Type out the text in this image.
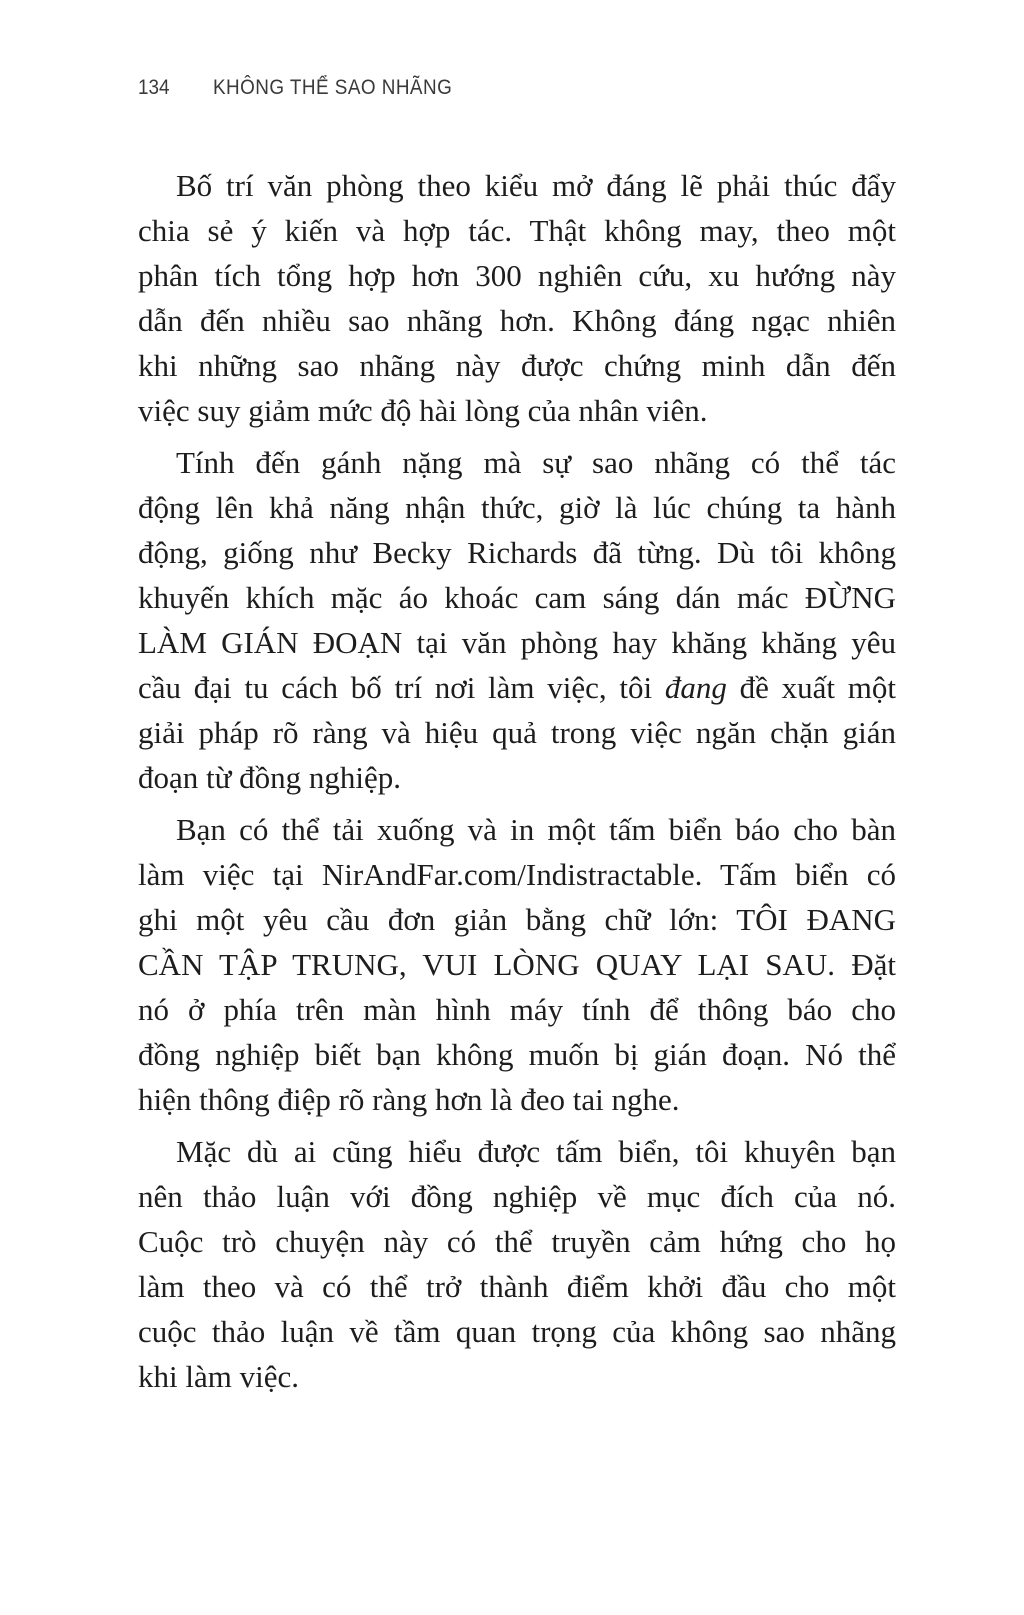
134 KHÔNG THỂ SAO NHÃNG
Bố trí văn phòng theo kiểu mở đáng lẽ phải thúc đẩy
chia sẻ ý kiến và hợp tác. Thật không may, theo một
phân tích tổng hợp hơn 300 nghiên cứu, xu hướng này
dẫn đến nhiều sao nhãng hơn. Không đáng ngạc nhiên
khi những sao nhãng này được chứng minh dẫn đến
việc suy giảm mức độ hài lòng của nhân viên.
Tính đến gánh nặng mà sự sao nhãng có thể tác
động lên khả năng nhận thức, giờ là lúc chúng ta hành
động, giống như Becky Richards đã từng. Dù tôi không
khuyến khích mặc áo khoác cam sáng dán mác ĐỪNG
LÀM GIÁN ĐOẠN tại văn phòng hay khăng khăng yêu
cầu đại tu cách bố trí nơi làm việc, tôi đang đề xuất một
giải pháp rõ ràng và hiệu quả trong việc ngăn chặn gián
đoạn từ đồng nghiệp.
Bạn có thể tải xuống và in một tấm biển báo cho bàn
làm việc tại NirAndFar.com/Indistractable. Tấm biển có
ghi một yêu cầu đơn giản bằng chữ lớn: TÔI ĐANG
CẦN TẬP TRUNG, VUI LÒNG QUAY LẠI SAU. Đặt
nó ở phía trên màn hình máy tính để thông báo cho
đồng nghiệp biết bạn không muốn bị gián đoạn. Nó thể
hiện thông điệp rõ ràng hơn là đeo tai nghe.
Mặc dù ai cũng hiểu được tấm biển, tôi khuyên bạn
nên thảo luận với đồng nghiệp về mục đích của nó.
Cuộc trò chuyện này có thể truyền cảm hứng cho họ
làm theo và có thể trở thành điểm khởi đầu cho một
cuộc thảo luận về tầm quan trọng của không sao nhãng
khi làm việc.
